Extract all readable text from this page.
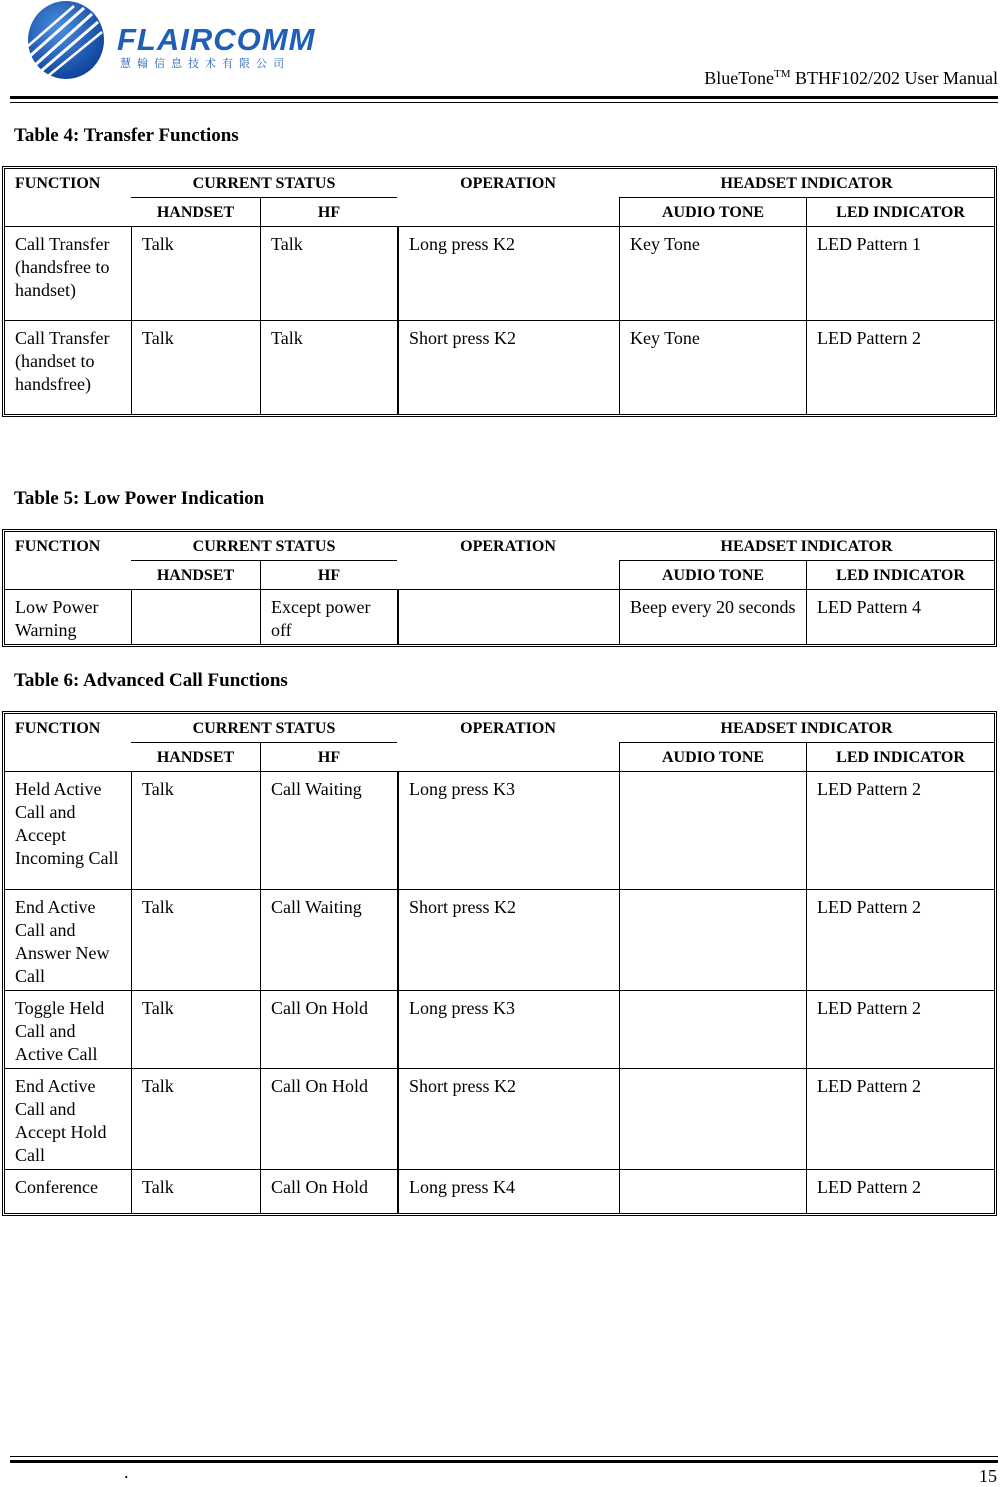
FLAIRCOMM
慧翰信息技术有限公司
BlueTone™ BTHF102/202 User Manual
Table 4: Transfer Functions
FUNCTION	CURRENT STATUS		OPERATION	HEADSET INDICATOR	
	HANDSET	HF		AUDIO TONE	LED INDICATOR
Call Transfer (handsfree to handset)	Talk	Talk	Long press K2	Key Tone	LED Pattern 1
Call Transfer (handset to handsfree)	Talk	Talk	Short press K2	Key Tone	LED Pattern 2
Table 5: Low Power Indication
FUNCTION	CURRENT STATUS		OPERATION	HEADSET INDICATOR	
	HANDSET	HF		AUDIO TONE	LED INDICATOR
Low Power Warning		Except power off		Beep every 20 seconds	LED Pattern 4
Table 6: Advanced Call Functions
FUNCTION	CURRENT STATUS		OPERATION	HEADSET INDICATOR	
	HANDSET	HF		AUDIO TONE	LED INDICATOR
Held Active Call and Accept Incoming Call	Talk	Call Waiting	Long press K3		LED Pattern 2
End Active Call and Answer New Call	Talk	Call Waiting	Short press K2		LED Pattern 2
Toggle Held Call and Active Call	Talk	Call On Hold	Long press K3		LED Pattern 2
End Active Call and Accept Hold Call	Talk	Call On Hold	Short press K2		LED Pattern 2
Conference	Talk	Call On Hold	Long press K4		LED Pattern 2
.	15
